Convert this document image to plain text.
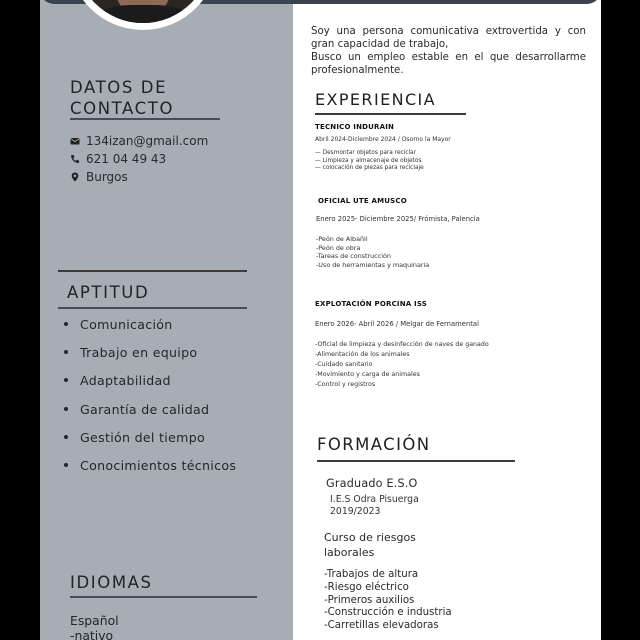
DATOS DE
CONTACTO
134izan@gmail.com
621 04 49 43
Burgos
APTITUD
Comunicación
Trabajo en equipo
Adaptabilidad
Garantía de calidad
Gestión del tiempo
Conocimientos técnicos
IDIOMAS
Español
-nativo
Soy una persona comunicativa extrovertida y con gran capacidad de trabajo,
Busco un empleo estable en el que desarrollarme profesionalmente.
EXPERIENCIA
TECNICO INDURAIN
Abril 2024-Diciembre 2024 / Osorno la Mayor
— Desmontar objetos para reciclar
— Limpieza y almacenaje de objetos
— colocación de piezas para reciclaje
OFICIAL UTE AMUSCO
Enero 2025- Diciembre 2025/ Frómista, Palencia
-Peón de Albañil
-Peón de obra
-Tareas de construcción
-Uso de herramientas y maquinaria
EXPLOTACIÓN PORCINA ISS
Enero 2026- Abril 2026 / Melgar de Fernamental
-Oficial de limpieza y desinfección de naves de ganado
-Alimentación de los animales
-Cuidado sanitario
-Movimiento y carga de animales
-Control y registros
FORMACIÓN
Graduado E.S.O
I.E.S Odra Pisuerga
2019/2023
Curso de riesgos
laborales
-Trabajos de altura
-Riesgo eléctrico
-Primeros auxilios
-Construcción e industria
-Carretillas elevadoras
